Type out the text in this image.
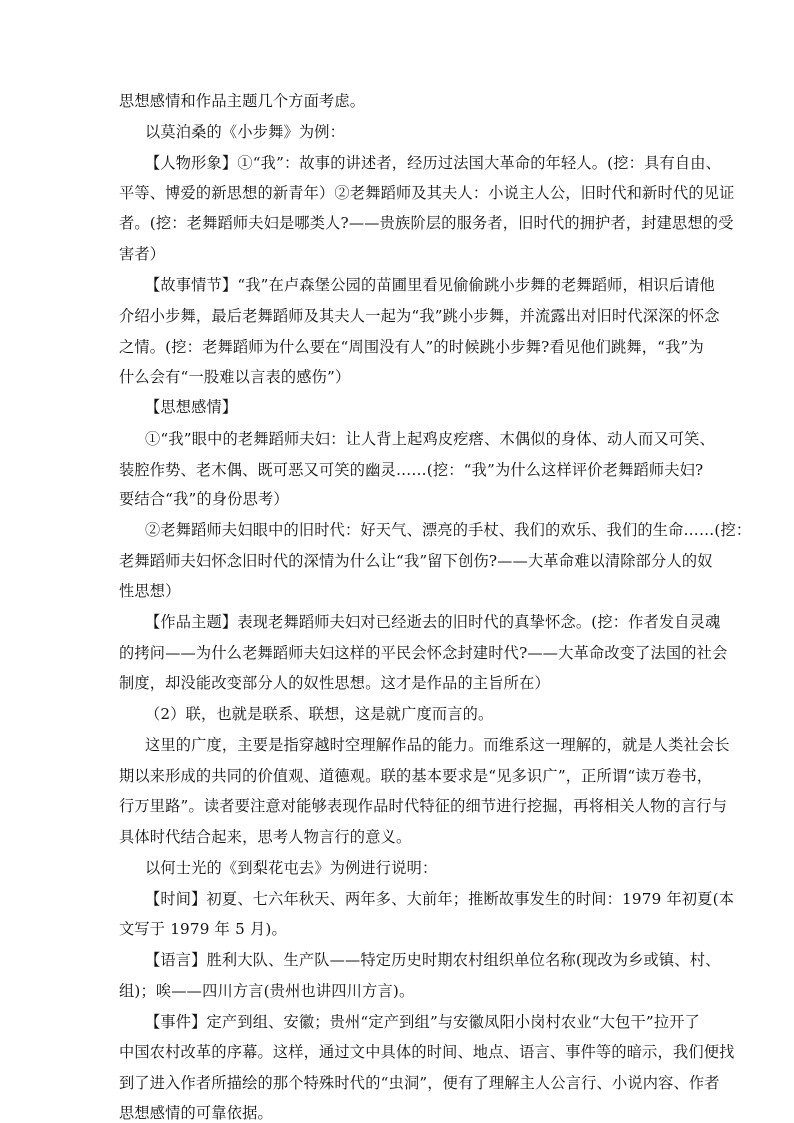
思想感情和作品主题几个方面考虑。
以莫泊桑的《小步舞》为例：
【人物形象】①“我”：故事的讲述者，经历过法国大革命的年轻人。(挖：具有自由、
平等、博爱的新思想的新青年）②老舞蹈师及其夫人：小说主人公，旧时代和新时代的见证
者。(挖：老舞蹈师夫妇是哪类人?——贵族阶层的服务者，旧时代的拥护者，封建思想的受
害者）
【故事情节】“我”在卢森堡公园的苗圃里看见偷偷跳小步舞的老舞蹈师，相识后请他
介绍小步舞，最后老舞蹈师及其夫人一起为“我”跳小步舞，并流露出对旧时代深深的怀念
之情。(挖：老舞蹈师为什么要在“周围没有人”的时候跳小步舞?看见他们跳舞，“我”为
什么会有“一股难以言表的感伤”）
【思想感情】
①“我”眼中的老舞蹈师夫妇：让人背上起鸡皮疙瘩、木偶似的身体、动人而又可笑、
装腔作势、老木偶、既可恶又可笑的幽灵……(挖：“我”为什么这样评价老舞蹈师夫妇?
要结合“我”的身份思考）
②老舞蹈师夫妇眼中的旧时代：好天气、漂亮的手杖、我们的欢乐、我们的生命……(挖：
老舞蹈师夫妇怀念旧时代的深情为什么让“我”留下创伤?——大革命难以清除部分人的奴
性思想）
【作品主题】表现老舞蹈师夫妇对已经逝去的旧时代的真挚怀念。(挖：作者发自灵魂
的拷问——为什么老舞蹈师夫妇这样的平民会怀念封建时代?——大革命改变了法国的社会
制度，却没能改变部分人的奴性思想。这才是作品的主旨所在）
（2）联，也就是联系、联想，这是就广度而言的。
这里的广度，主要是指穿越时空理解作品的能力。而维系这一理解的，就是人类社会长
期以来形成的共同的价值观、道德观。联的基本要求是“见多识广”，正所谓“读万卷书，
行万里路”。读者要注意对能够表现作品时代特征的细节进行挖掘，再将相关人物的言行与
具体时代结合起来，思考人物言行的意义。
以何士光的《到梨花屯去》为例进行说明：
【时间】初夏、七六年秋天、两年多、大前年；推断故事发生的时间：1979 年初夏(本
文写于 1979 年 5 月)。
【语言】胜利大队、生产队——特定历史时期农村组织单位名称(现改为乡或镇、村、
组)；唉——四川方言(贵州也讲四川方言)。
【事件】定产到组、安徽；贵州“定产到组”与安徽凤阳小岗村农业“大包干”拉开了
中国农村改革的序幕。这样，通过文中具体的时间、地点、语言、事件等的暗示，我们便找
到了进入作者所描绘的那个特殊时代的“虫洞”，便有了理解主人公言行、小说内容、作者
思想感情的可靠依据。
